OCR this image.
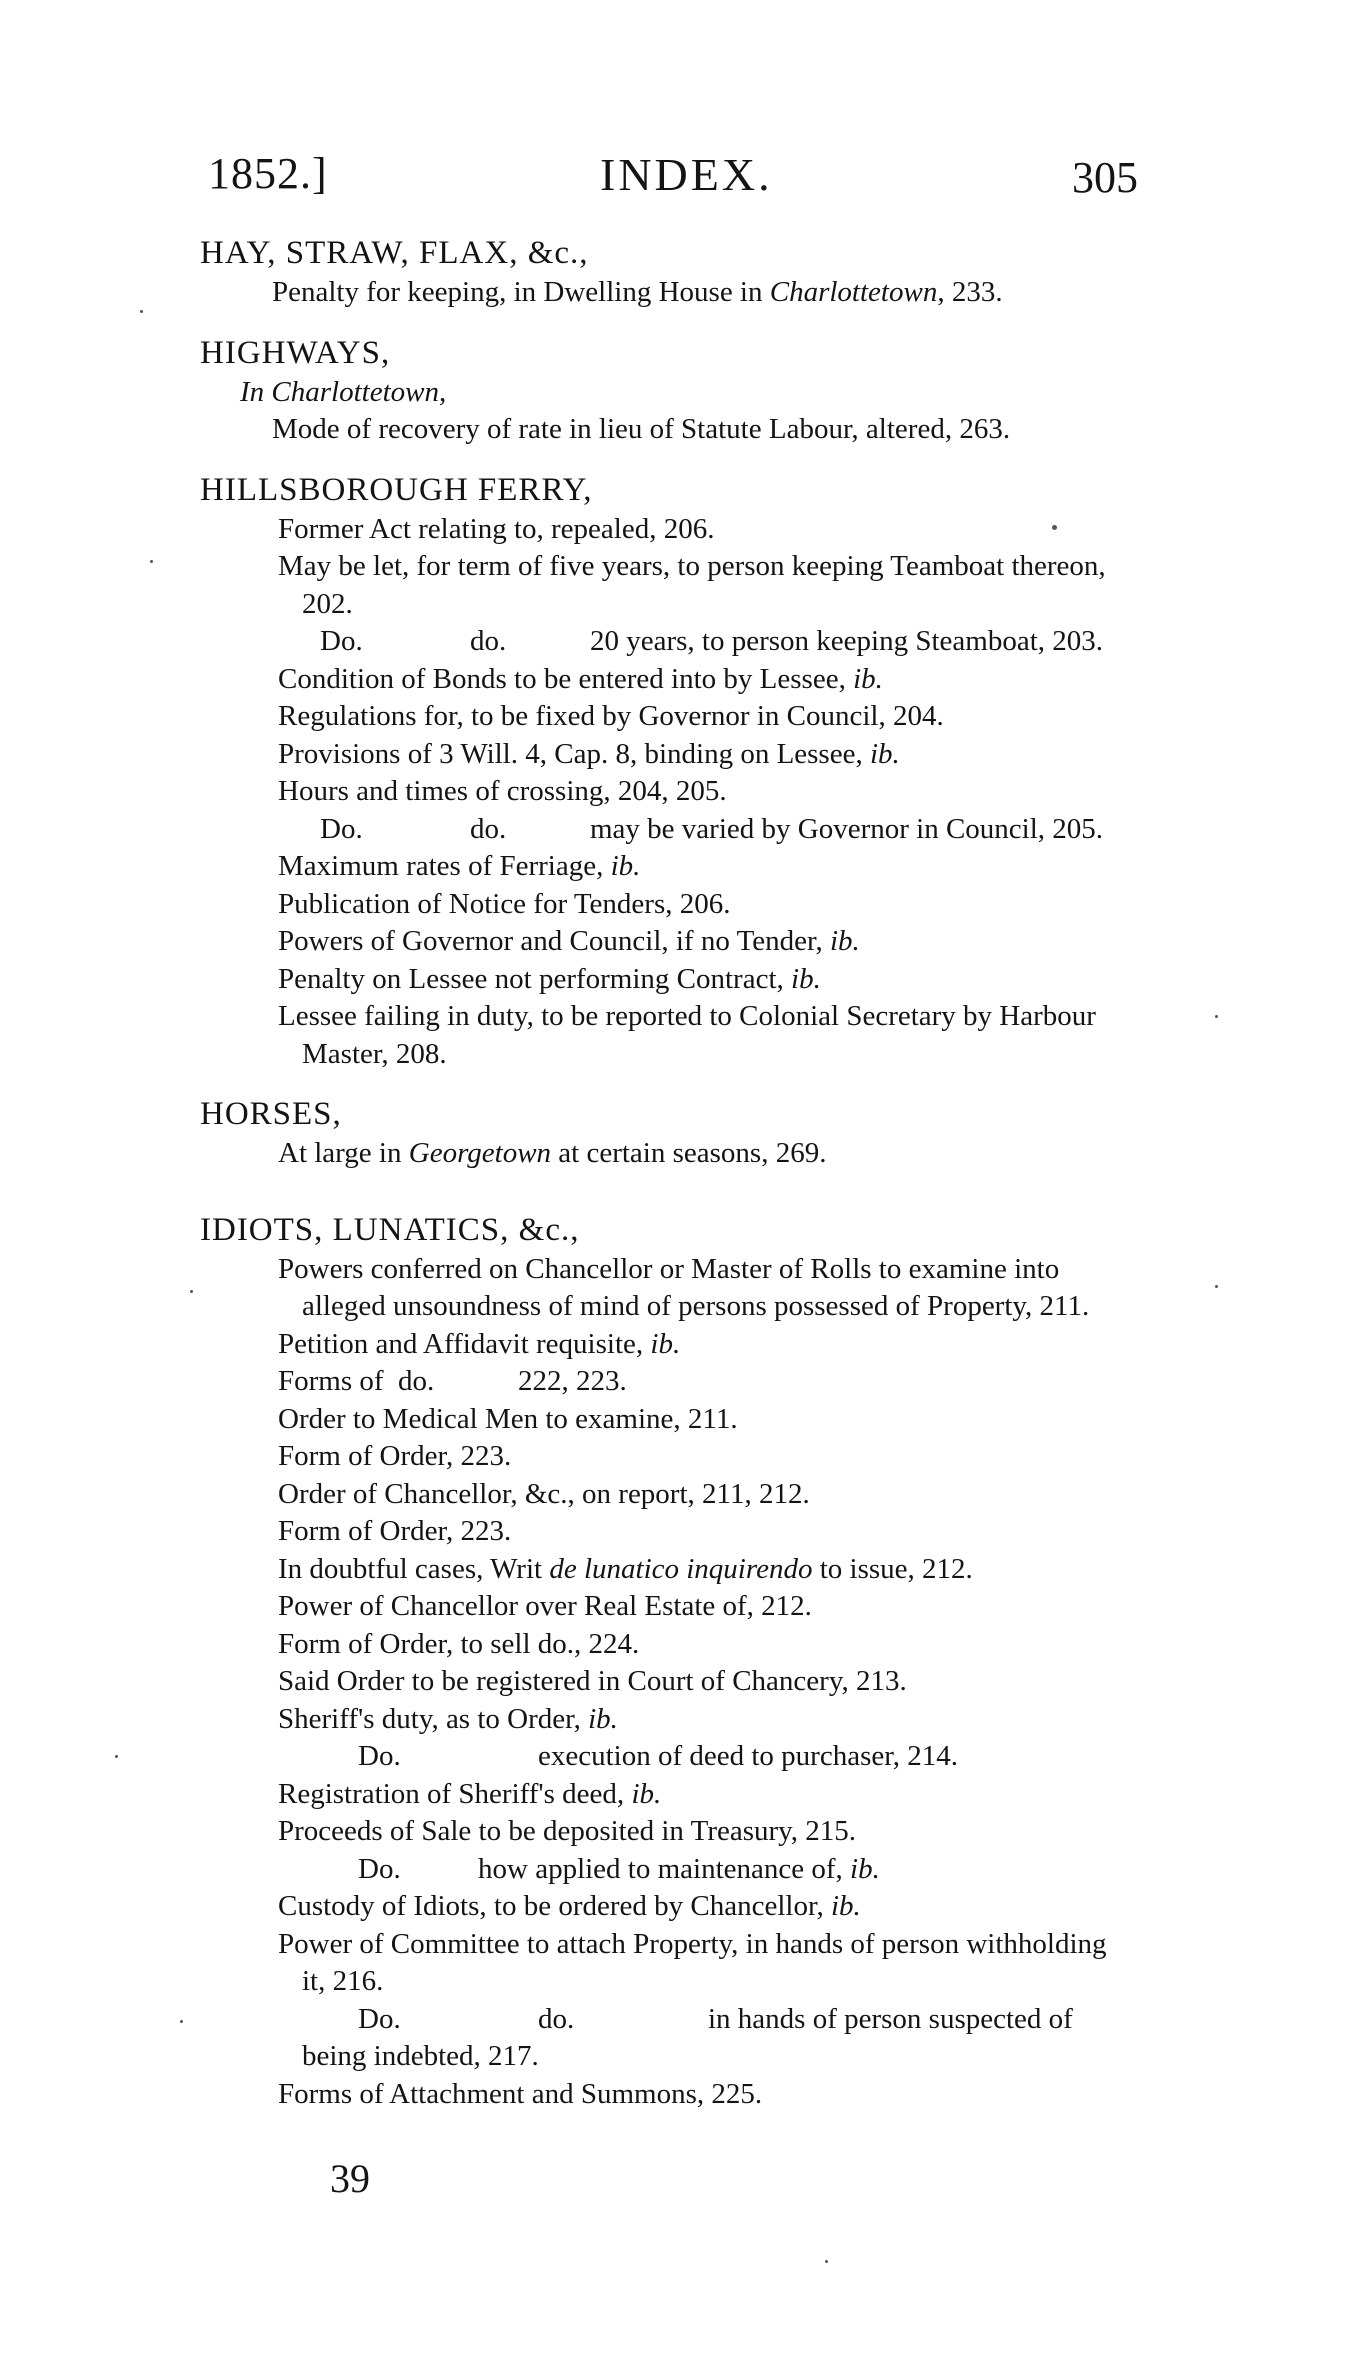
1852.]	INDEX.	305
HAY, STRAW, FLAX, &c.,
Penalty for keeping, in Dwelling House in Charlottetown, 233.
HIGHWAYS,
In Charlottetown,
Mode of recovery of rate in lieu of Statute Labour, altered, 263.
HILLSBOROUGH FERRY,
Former Act relating to, repealed, 206.
May be let, for term of five years, to person keeping Teamboat thereon,
202.
Do.	do.	20 years, to person keeping Steamboat, 203.
Condition of Bonds to be entered into by Lessee, ib.
Regulations for, to be fixed by Governor in Council, 204.
Provisions of 3 Will. 4, Cap. 8, binding on Lessee, ib.
Hours and times of crossing, 204, 205.
Do.	do.	may be varied by Governor in Council, 205.
Maximum rates of Ferriage, ib.
Publication of Notice for Tenders, 206.
Powers of Governor and Council, if no Tender, ib.
Penalty on Lessee not performing Contract, ib.
Lessee failing in duty, to be reported to Colonial Secretary by Harbour
Master, 208.
HORSES,
At large in Georgetown at certain seasons, 269.
IDIOTS, LUNATICS, &c.,
Powers conferred on Chancellor or Master of Rolls to examine into
alleged unsoundness of mind of persons possessed of Property, 211.
Petition and Affidavit requisite, ib.
Forms of do.	222, 223.
Order to Medical Men to examine, 211.
Form of Order, 223.
Order of Chancellor, &c., on report, 211, 212.
Form of Order, 223.
In doubtful cases, Writ de lunatico inquirendo to issue, 212.
Power of Chancellor over Real Estate of, 212.
Form of Order, to sell do., 224.
Said Order to be registered in Court of Chancery, 213.
Sheriff's duty, as to Order, ib.
Do.	execution of deed to purchaser, 214.
Registration of Sheriff's deed, ib.
Proceeds of Sale to be deposited in Treasury, 215.
Do.	how applied to maintenance of, ib.
Custody of Idiots, to be ordered by Chancellor, ib.
Power of Committee to attach Property, in hands of person withholding
it, 216.
Do.	do.	in hands of person suspected of
being indebted, 217.
Forms of Attachment and Summons, 225.
39
